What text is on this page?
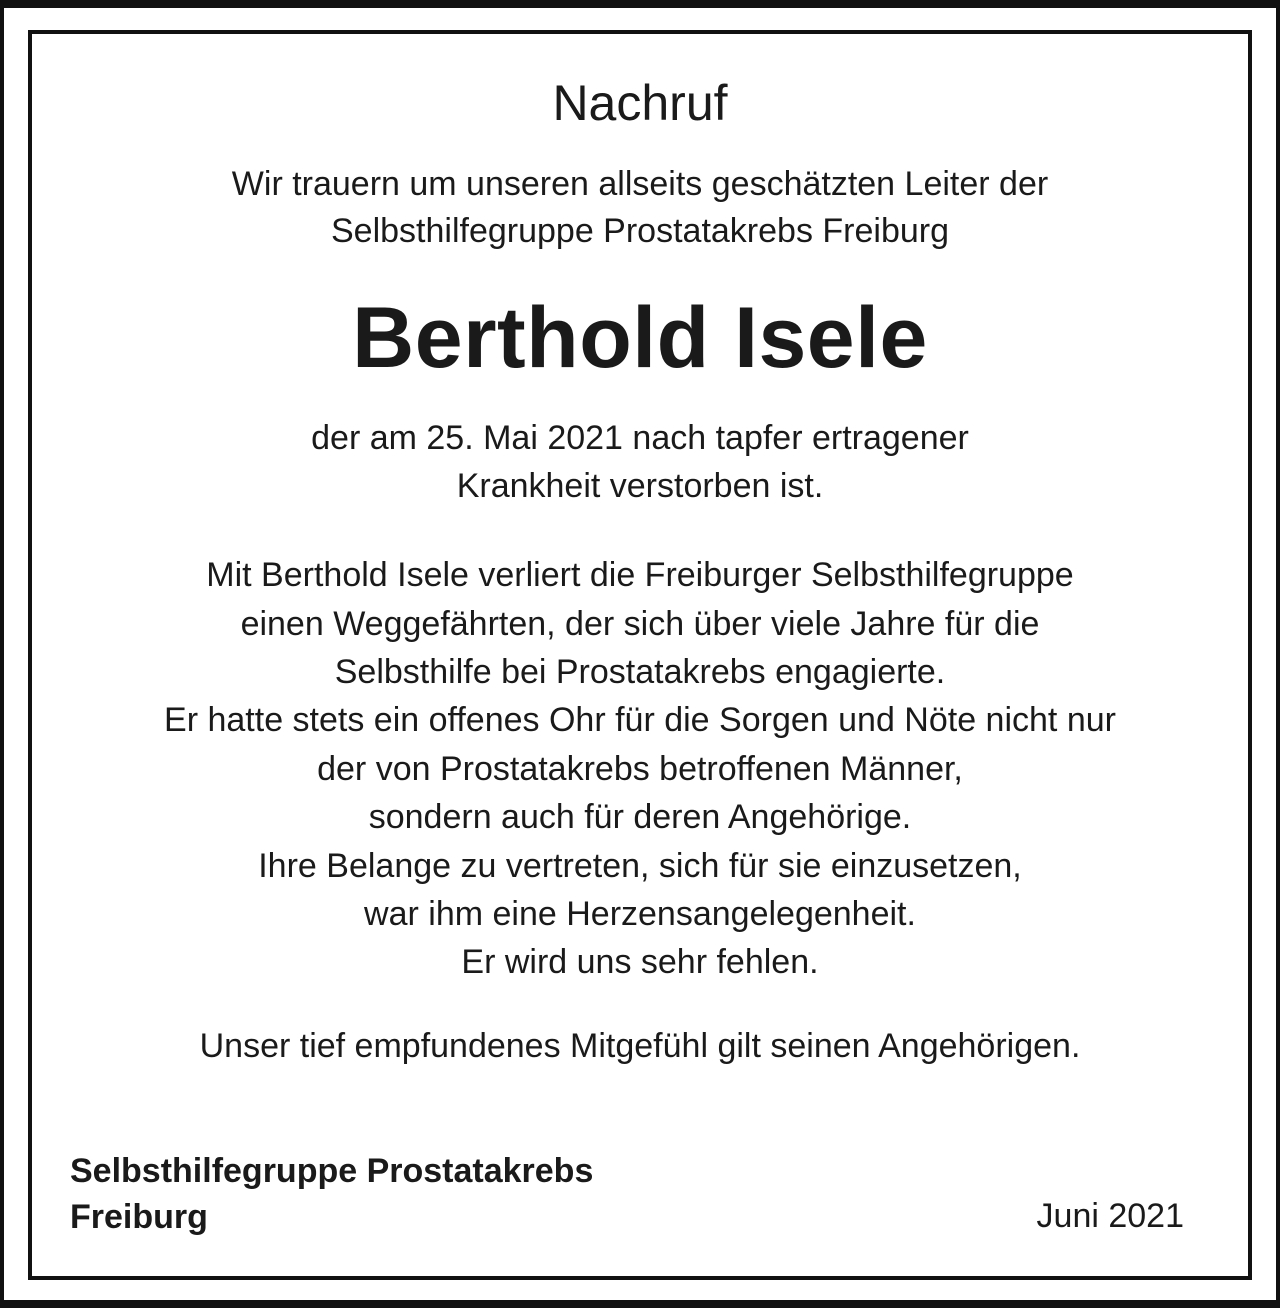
Nachruf
Wir trauern um unseren allseits geschätzten Leiter der
Selbsthilfegruppe Prostatakrebs Freiburg
Berthold Isele
der am 25. Mai 2021 nach tapfer ertragener
Krankheit verstorben ist.
Mit Berthold Isele verliert die Freiburger Selbsthilfegruppe
einen Weggefährten, der sich über viele Jahre für die
Selbsthilfe bei Prostatakrebs engagierte.
Er hatte stets ein offenes Ohr für die Sorgen und Nöte nicht nur
der von Prostatakrebs betroffenen Männer,
sondern auch für deren Angehörige.
Ihre Belange zu vertreten, sich für sie einzusetzen,
war ihm eine Herzensangelegenheit.
Er wird uns sehr fehlen.
Unser tief empfundenes Mitgefühl gilt seinen Angehörigen.
Selbsthilfegruppe Prostatakrebs
Freiburg	Juni 2021
